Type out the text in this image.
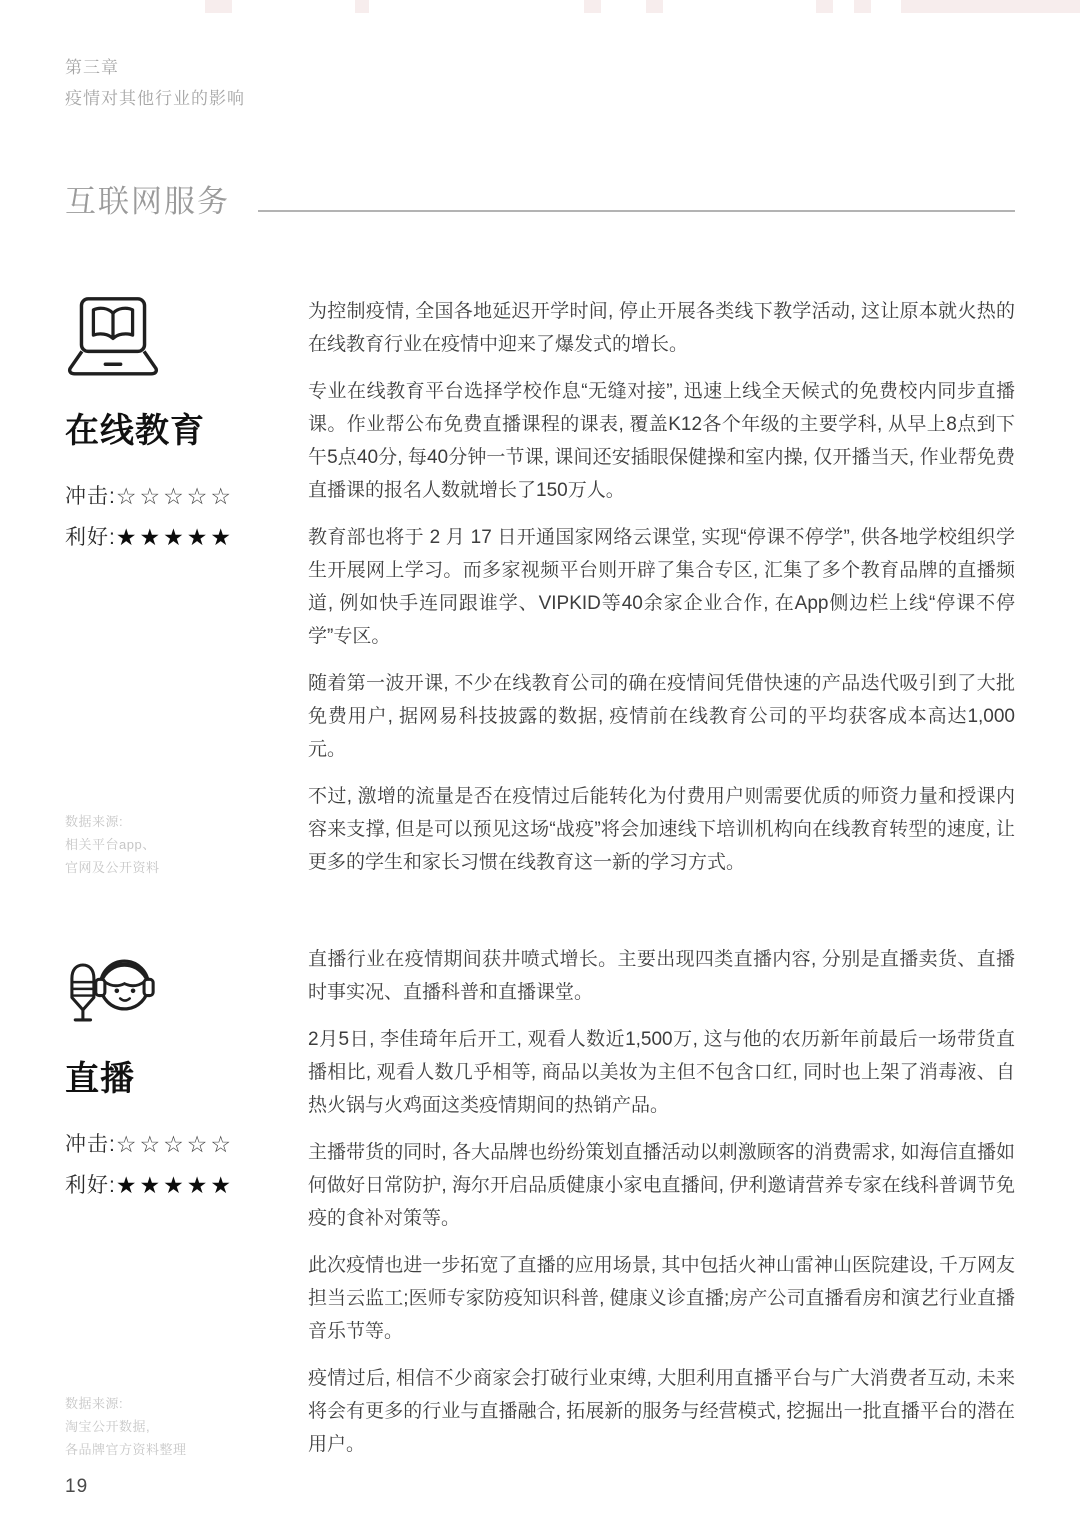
第三章
疫情对其他行业的影响
互联网服务
在线教育
冲击:☆☆☆☆☆
利好:★★★★★
数据来源:
相关平台app、
官网及公开资料

为控制疫情, 全国各地延迟开学时间, 停止开展各类线下教学活动, 这让原本就火热的在线教育行业在疫情中迎来了爆发式的增长。

专业在线教育平台选择学校作息“无缝对接”, 迅速上线全天候式的免费校内同步直播课。作业帮公布免费直播课程的课表, 覆盖K12各个年级的主要学科, 从早上8点到下午5点40分, 每40分钟一节课, 课间还安插眼保健操和室内操, 仅开播当天, 作业帮免费直播课的报名人数就增长了150万人。

教育部也将于 2 月 17 日开通国家网络云课堂, 实现“停课不停学”, 供各地学校组织学生开展网上学习。而多家视频平台则开辟了集合专区, 汇集了多个教育品牌的直播频道, 例如快手连同跟谁学、VIPKID等40余家企业合作, 在App侧边栏上线“停课不停学”专区。

随着第一波开课, 不少在线教育公司的确在疫情间凭借快速的产品迭代吸引到了大批免费用户, 据网易科技披露的数据, 疫情前在线教育公司的平均获客成本高达1,000元。

不过, 激增的流量是否在疫情过后能转化为付费用户则需要优质的师资力量和授课内容来支撑, 但是可以预见这场“战疫”将会加速线下培训机构向在线教育转型的速度, 让更多的学生和家长习惯在线教育这一新的学习方式。

直播
冲击:☆☆☆☆☆
利好:★★★★★
数据来源:
淘宝公开数据,
各品牌官方资料整理

直播行业在疫情期间获井喷式增长。主要出现四类直播内容, 分别是直播卖货、直播时事实况、直播科普和直播课堂。

2月5日, 李佳琦年后开工, 观看人数近1,500万, 这与他的农历新年前最后一场带货直播相比, 观看人数几乎相等, 商品以美妆为主但不包含口红, 同时也上架了消毒液、自热火锅与火鸡面这类疫情期间的热销产品。

主播带货的同时, 各大品牌也纷纷策划直播活动以刺激顾客的消费需求, 如海信直播如何做好日常防护, 海尔开启品质健康小家电直播间, 伊利邀请营养专家在线科普调节免疫的食补对策等。

此次疫情也进一步拓宽了直播的应用场景, 其中包括火神山雷神山医院建设, 千万网友担当云监工;医师专家防疫知识科普, 健康义诊直播;房产公司直播看房和演艺行业直播音乐节等。

疫情过后, 相信不少商家会打破行业束缚, 大胆利用直播平台与广大消费者互动, 未来将会有更多的行业与直播融合, 拓展新的服务与经营模式, 挖掘出一批直播平台的潜在用户。

19
